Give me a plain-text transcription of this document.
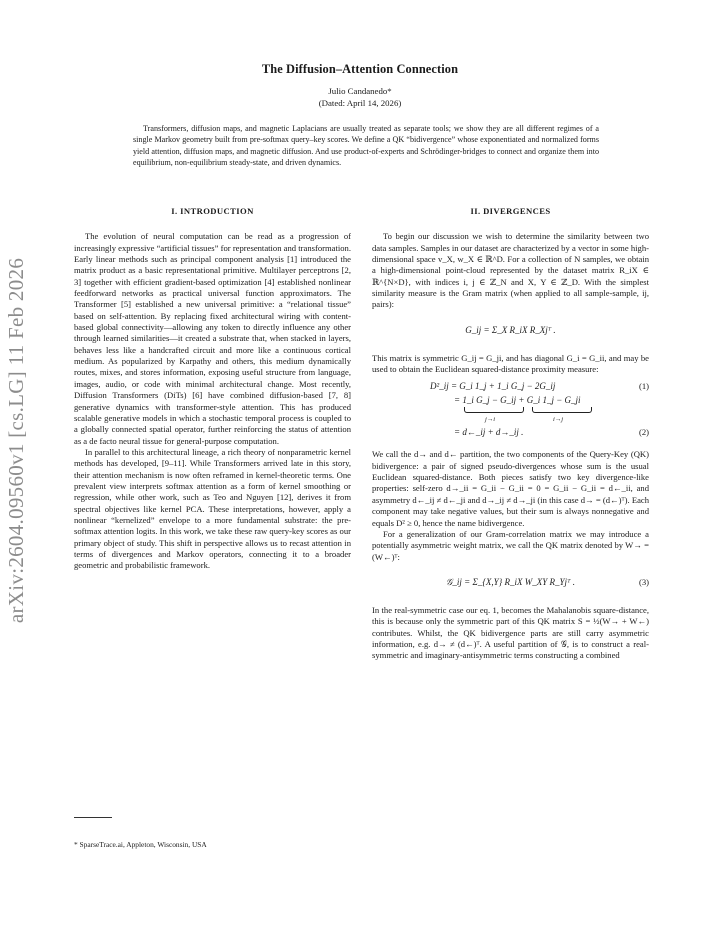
arXiv:2604.09560v1 [cs.LG] 11 Feb 2026
The Diffusion–Attention Connection
Julio Candanedo*
(Dated: April 14, 2026)
Transformers, diffusion maps, and magnetic Laplacians are usually treated as separate tools; we show they are all different regimes of a single Markov geometry built from pre-softmax query–key scores. We define a QK “bidivergence” whose exponentiated and normalized forms yield attention, diffusion maps, and magnetic diffusion. And use product-of-experts and Schrödinger-bridges to connect and organize them into equilibrium, non-equilibrium steady-state, and driven dynamics.
I. INTRODUCTION

The evolution of neural computation can be read as a progression of increasingly expressive “artificial tissues” for representation and transformation. Early linear methods such as principal component analysis [1] introduced the matrix product as a basic representational primitive. Multilayer perceptrons [2, 3] together with efficient gradient-based optimization [4] established nonlinear feedforward networks as practical universal function approximators. The Transformer [5] established a new universal primitive: a “relational tissue” based on self-attention. By replacing fixed architectural wiring with content-based global connectivity—allowing any token to directly influence any other through learned similarities—it created a substrate that, when stacked in layers, behaves less like a handcrafted circuit and more like a continuous cortical medium. As popularized by Karpathy and others, this medium dynamically routes, mixes, and stores information, exposing useful structure from language, images, audio, or code with minimal architectural change. Most recently, Diffusion Transformers (DiTs) [6] have combined diffusion-based [7, 8] generative dynamics with transformer-style attention. This has produced scalable generative models in which a stochastic temporal process is coupled to a globally connected spatial operator, further reinforcing the status of attention as a de facto neural tissue for general-purpose computation.

In parallel to this architectural lineage, a rich theory of nonparametric kernel methods has developed, [9–11]. While Transformers arrived late in this story, their attention mechanism is now often reframed in kernel-theoretic terms. One prevalent view interprets softmax attention as a form of kernel smoothing or regression, while other work, such as Teo and Nguyen [12], derives it from spectral objectives like kernel PCA. These interpretations, however, apply a nonlinear “kernelized” envelope to a more fundamental substrate: the pre-softmax attention logits. In this work, we take these raw query-key scores as our primary object of study. This shift in perspective allows us to recast attention in terms of divergences and Markov operators, connecting it to a broader geometric and probabilistic framework.

II. DIVERGENCES

To begin our discussion we wish to determine the similarity between two data samples. Samples in our dataset are characterized by a vector in some high-dimensional space v_X, w_X ∈ ℝ^D. For a collection of N samples, we obtain a high-dimensional point-cloud represented by the dataset matrix R_iX ∈ ℝ^{N×D}, with indices i, j ∈ ℤ_N and X, Y ∈ ℤ_D. With the simplest similarity measure is the Gram matrix (when applied to all sample-sample, ij, pairs):

G_ij = Σ_X R_iX R_Xjᵀ .

This matrix is symmetric G_ij = G_ji, and has diagonal G_i = G_ii, and may be used to obtain the Euclidean squared-distance proximity measure:

D²_ij = G_i 1_j + 1_i G_j − 2G_ij	(1)
= 1_i G_j − G_ij + G_i 1_j − G_ji
j→i	i→j
= d←_ij + d→_ij .	(2)

We call the d→ and d← partition, the two components of the Query-Key (QK) bidivergence: a pair of signed pseudo-divergences whose sum is the usual Euclidean squared-distance. Both pieces satisfy two key divergence-like properties: self-zero d→_ii = G_ii − G_ii = 0 = G_ii − G_ii = d←_ii, and asymmetry d←_ij ≠ d←_ji and d→_ij ≠ d→_ji (in this case d→ = (d←)ᵀ). Each component may take negative values, but their sum is always nonnegative and equals D² ≥ 0, hence the name bidivergence.

For a generalization of our Gram-correlation matrix we may introduce a potentially asymmetric weight matrix, we call the QK matrix denoted by W→ = (W←)ᵀ:

𝒢_ij = Σ_{X,Y} R_iX W_XY R_Yjᵀ .	(3)

In the real-symmetric case our eq. 1, becomes the Mahalanobis square-distance, this is because only the symmetric part of this QK matrix S = ½(W→ + W←) contributes. Whilst, the QK bidivergence parts are still carry asymmetric information, e.g. d→ ≠ (d←)ᵀ. A useful partition of 𝒢, is to construct a real-symmetric and imaginary-antisymmetric terms constructing a combined

* SparseTrace.ai, Appleton, Wisconsin, USA
